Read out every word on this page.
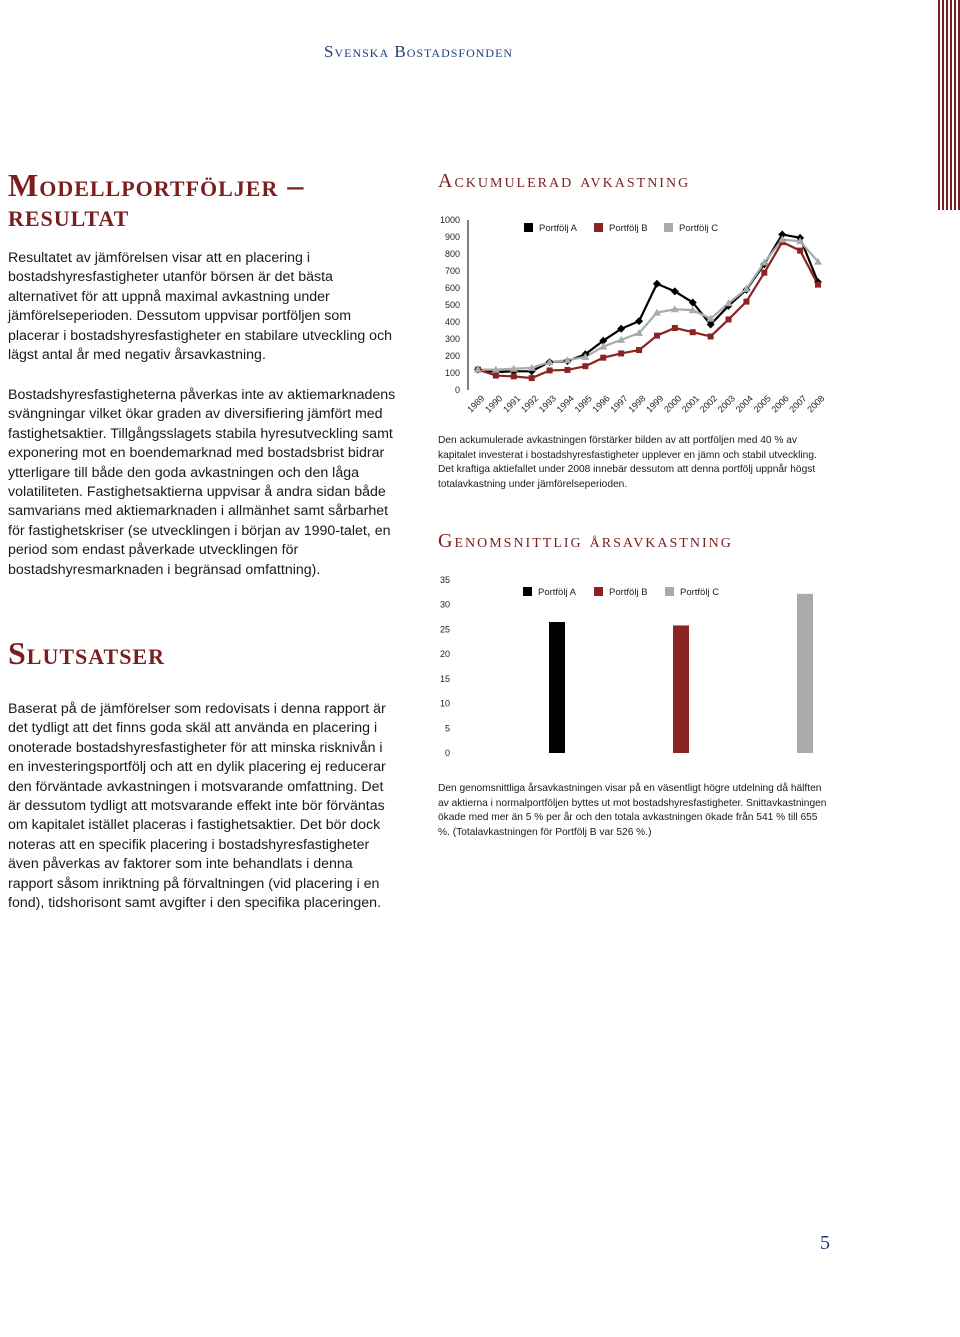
Svenska Bostadsfonden
Modellportföljer –
resultat

Resultatet av jämförelsen visar att en placering i bostadshyresfastigheter utanför börsen är det bästa alternativet för att uppnå maximal avkastning under jämförelseperioden. Dessutom uppvisar portföljen som placerar i bostadshyresfastigheter en stabilare utveckling och lägst antal år med negativ årsavkastning.

Bostadshyresfastigheterna påverkas inte av aktiemarknadens svängningar vilket ökar graden av diversifiering jämfört med fastighetsaktier. Tillgångsslagets stabila hyresutveckling samt exponering mot en boendemarknad med bostadsbrist bidrar ytterligare till både den goda avkastningen och den låga volatiliteten. Fastighetsaktierna uppvisar å andra sidan både samvarians med aktiemarknaden i allmänhet samt sårbarhet för fastighetskriser (se utvecklingen i början av 1990-talet, en period som endast påverkade utvecklingen för bostadshyresmarknaden i begränsad omfattning).

Slutsatser

Baserat på de jämförelser som redovisats i denna rapport är det tydligt att det finns goda skäl att använda en placering i onoterade bostadshyresfastigheter för att minska risknivån i en investeringsportfölj och att en dylik placering ej reducerar den förväntade avkastningen i motsvarande omfattning. Det är dessutom tydligt att motsvarande effekt inte bör förväntas om kapitalet istället placeras i fastighetsaktier. Det bör dock noteras att en specifik placering i bostadshyresfastigheter även påverkas av faktorer som inte behandlats i denna rapport såsom inriktning på förvaltningen (vid placering i en fond), tidshorisont samt avgifter i den specifika placeringen.

Ackumulerad avkastning
0
100
200
300
400
500
600
700
800
900
1000
1989
1990
1991
1992
1993
1994
1995
1996
1997
1998
1999
2000
2001
2002
2003
2004
2005
2006
2007
2008
Portfölj A	Portfölj B	Portfölj C

Den ackumulerade avkastningen förstärker bilden av att portföljen med 40 % av kapitalet investerat i bostadshyresfastigheter upplever en jämn och stabil utveckling. Det kraftiga aktiefallet under 2008 innebär dessutom att denna portfölj uppnår högst totalavkastning under jämförelseperioden.

Genomsnittlig årsavkastning
0
5
10
15
20
25
30
35
Portfölj A	Portfölj B	Portfölj C

Den genomsnittliga årsavkastningen visar på en väsentligt högre utdelning då hälften av aktierna i normalportföljen byttes ut mot bostadshyresfastigheter. Snittavkastningen ökade med mer än 5 % per år och den totala avkastningen ökade från 541 % till 655 %. (Totalavkastningen för Portfölj B var 526 %.)

5
